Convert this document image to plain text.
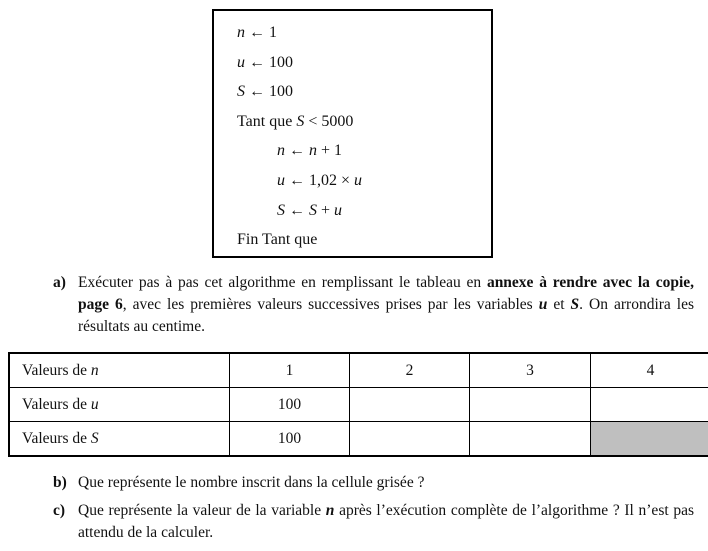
n ← 1
u ← 100
S ← 100
Tant que S < 5000
n ← n + 1
u ← 1,02 × u
S ← S + u
Fin Tant que
a) Exécuter pas à pas cet algorithme en remplissant le tableau en annexe à rendre avec la copie, page 6, avec les premières valeurs successives prises par les variables u et S. On arrondira les résultats au centime.
Valeurs de n	1	2	3	4
Valeurs de u	100			
Valeurs de S	100			
b) Que représente le nombre inscrit dans la cellule grisée ?
c) Que représente la valeur de la variable n après l’exécution complète de l’algorithme ? Il n’est pas attendu de la calculer.
